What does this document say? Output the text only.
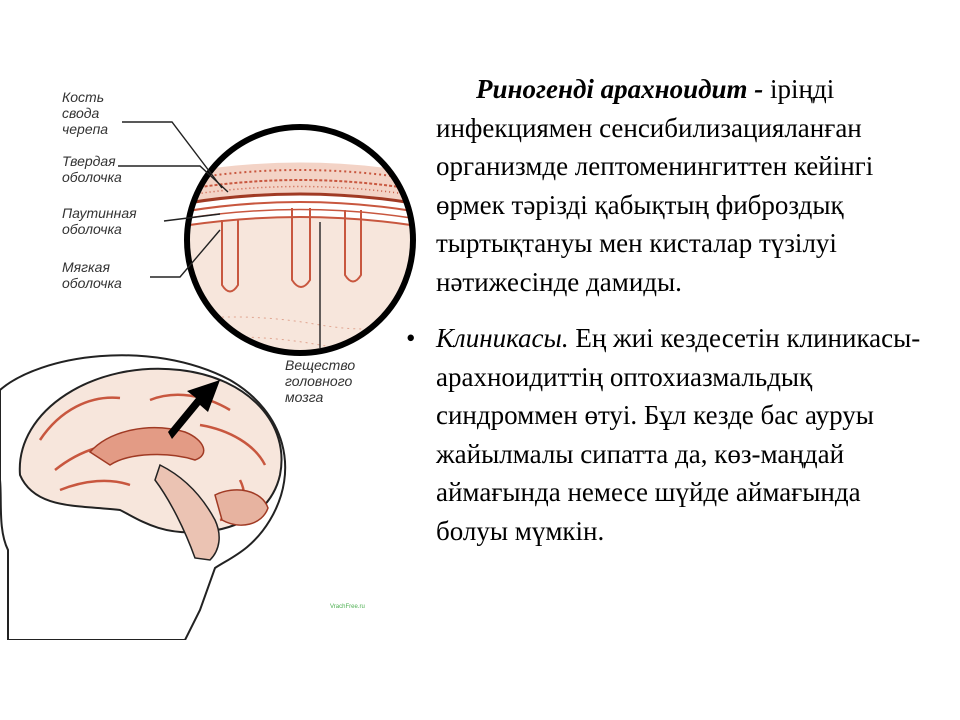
Кость свода черепа
Твердая оболочка
Паутинная оболочка
Мягкая оболочка
Вещество головного мозга
VrachFree.ru

Риногенді арахноидит - іріңді инфекциямен сенсибилизацияланған организмде лептоменингиттен кейінгі өрмек тәрізді қабықтың фиброздық тыртықтануы мен кисталар түзілуі нәтижесінде дамиды.

• Клиникасы. Ең жиі кездесетін клиникасы- арахноидиттің оптохиазмальдық синдроммен өтуі. Бұл кезде бас ауруы жайылмалы сипатта да, көз-маңдай аймағында немесе шүйде аймағында болуы мүмкін.
